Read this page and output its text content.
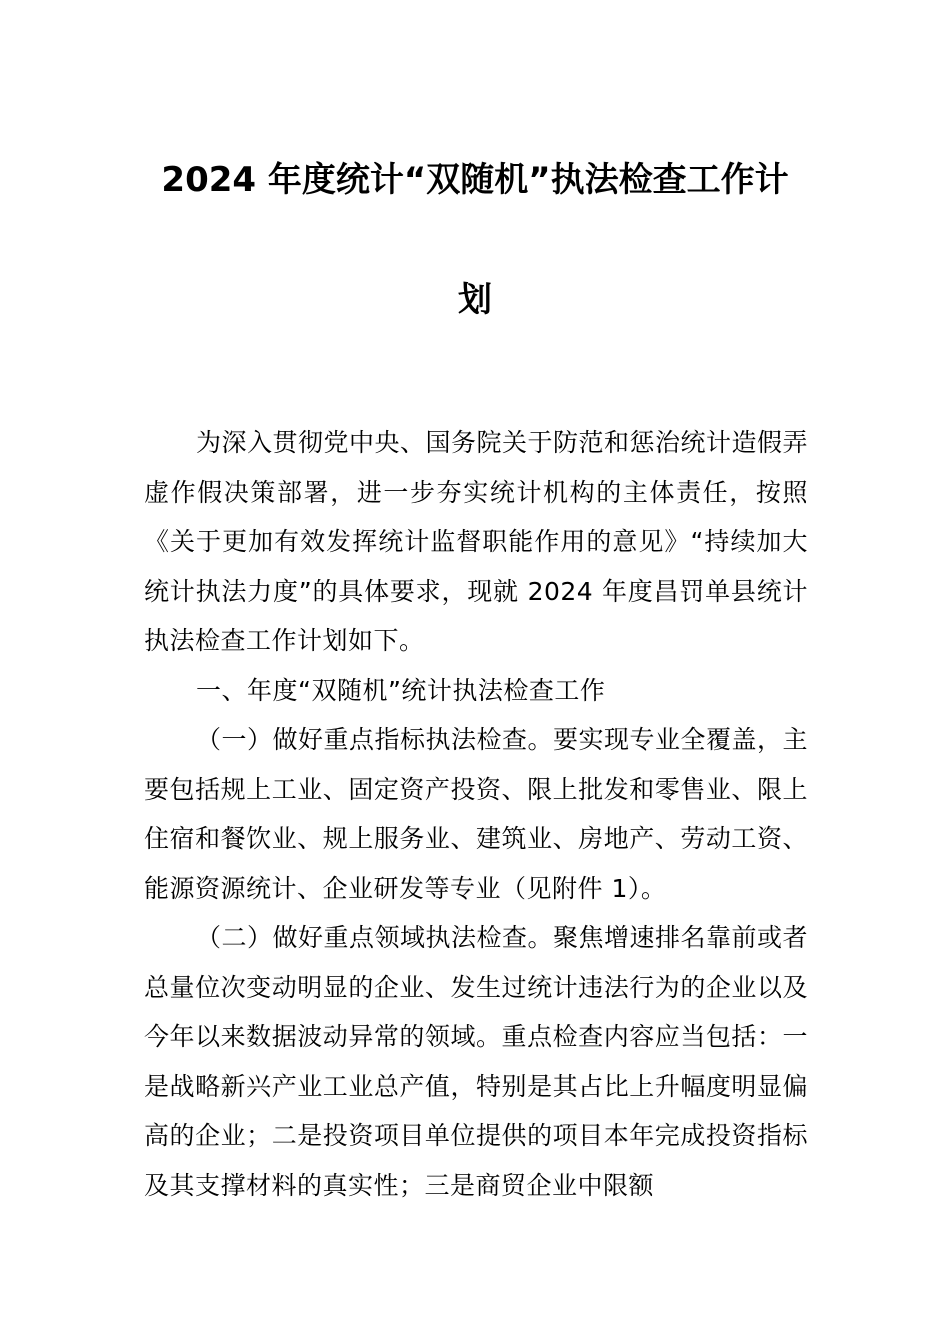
2024 年度统计“双随机”执法检查工作计
划

为深入贯彻党中央、国务院关于防范和惩治统计造假弄虚作假决策部署，进一步夯实统计机构的主体责任，按照《关于更加有效发挥统计监督职能作用的意见》“持续加大统计执法力度”的具体要求，现就 2024 年度昌罚单县统计执法检查工作计划如下。

一、年度“双随机”统计执法检查工作

（一）做好重点指标执法检查。要实现专业全覆盖，主要包括规上工业、固定资产投资、限上批发和零售业、限上住宿和餐饮业、规上服务业、建筑业、房地产、劳动工资、能源资源统计、企业研发等专业（见附件 1）。

（二）做好重点领域执法检查。聚焦增速排名靠前或者总量位次变动明显的企业、发生过统计违法行为的企业以及今年以来数据波动异常的领域。重点检查内容应当包括：一是战略新兴产业工业总产值，特别是其占比上升幅度明显偏高的企业；二是投资项目单位提供的项目本年完成投资指标及其支撑材料的真实性；三是商贸企业中限额
